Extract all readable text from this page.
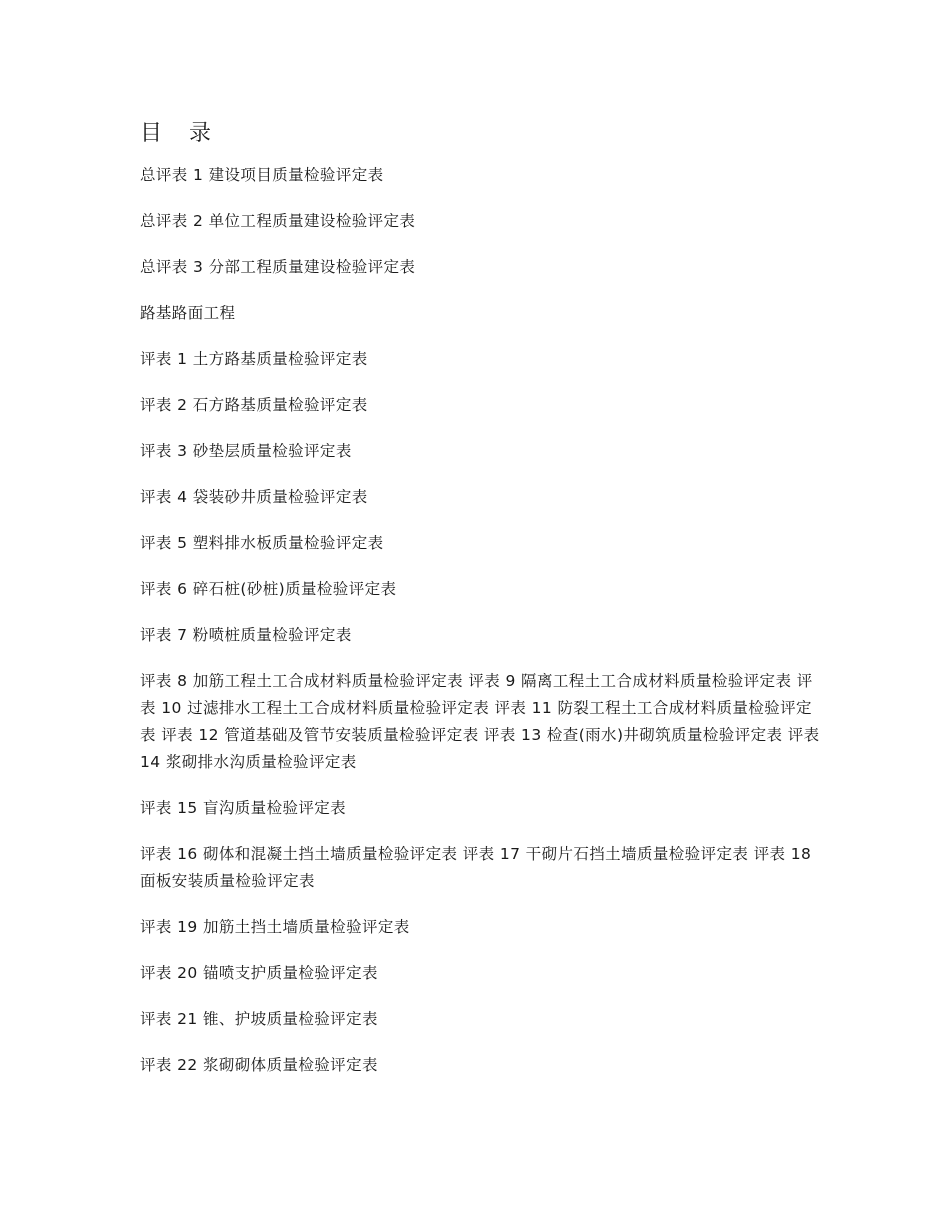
目 录
总评表 1 建设项目质量检验评定表
总评表 2 单位工程质量建设检验评定表
总评表 3 分部工程质量建设检验评定表
路基路面工程
评表 1 土方路基质量检验评定表
评表 2 石方路基质量检验评定表
评表 3 砂垫层质量检验评定表
评表 4 袋装砂井质量检验评定表
评表 5 塑料排水板质量检验评定表
评表 6 碎石桩(砂桩)质量检验评定表
评表 7 粉喷桩质量检验评定表
评表 8 加筋工程土工合成材料质量检验评定表 评表 9 隔离工程土工合成材料质量检验评定表 评表 10 过滤排水工程土工合成材料质量检验评定表 评表 11 防裂工程土工合成材料质量检验评定表 评表 12 管道基础及管节安装质量检验评定表 评表 13 检查(雨水)井砌筑质量检验评定表 评表 14 浆砌排水沟质量检验评定表
评表 15 盲沟质量检验评定表
评表 16 砌体和混凝土挡土墙质量检验评定表 评表 17 干砌片石挡土墙质量检验评定表 评表 18 面板安装质量检验评定表
评表 19 加筋土挡土墙质量检验评定表
评表 20 锚喷支护质量检验评定表
评表 21 锥、护坡质量检验评定表
评表 22 浆砌砌体质量检验评定表
